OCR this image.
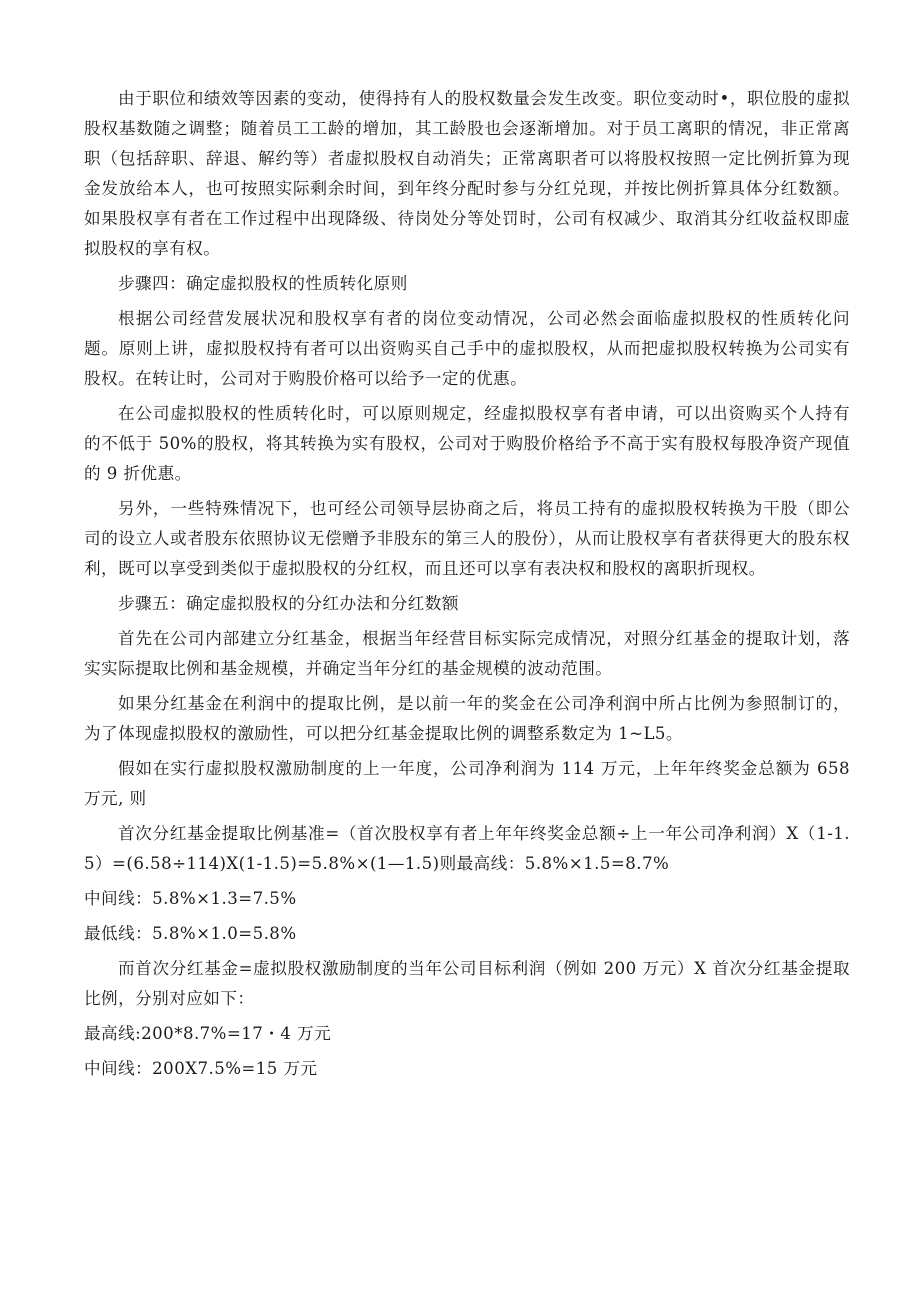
由于职位和绩效等因素的变动，使得持有人的股权数量会发生改变。职位变动时•，职位股的虚拟股权基数随之调整；随着员工工龄的增加，其工龄股也会逐渐增加。对于员工离职的情况，非正常离职（包括辞职、辞退、解约等）者虚拟股权自动消失；正常离职者可以将股权按照一定比例折算为现金发放给本人，也可按照实际剩余时间，到年终分配时参与分红兑现，并按比例折算具体分红数额。如果股权享有者在工作过程中出现降级、待岗处分等处罚时，公司有权减少、取消其分红收益权即虚拟股权的享有权。

步骤四：确定虚拟股权的性质转化原则

根据公司经营发展状况和股权享有者的岗位变动情况，公司必然会面临虚拟股权的性质转化问题。原则上讲，虚拟股权持有者可以出资购买自己手中的虚拟股权，从而把虚拟股权转换为公司实有股权。在转让时，公司对于购股价格可以给予一定的优惠。

在公司虚拟股权的性质转化时，可以原则规定，经虚拟股权享有者申请，可以出资购买个人持有的不低于 50%的股权，将其转换为实有股权，公司对于购股价格给予不高于实有股权每股净资产现值的 9 折优惠。

另外，一些特殊情况下，也可经公司领导层协商之后，将员工持有的虚拟股权转换为干股（即公司的设立人或者股东依照协议无偿赠予非股东的第三人的股份），从而让股权享有者获得更大的股东权利，既可以享受到类似于虚拟股权的分红权，而且还可以享有表决权和股权的离职折现权。

步骤五：确定虚拟股权的分红办法和分红数额

首先在公司内部建立分红基金，根据当年经营目标实际完成情况，对照分红基金的提取计划，落实实际提取比例和基金规模，并确定当年分红的基金规模的波动范围。

如果分红基金在利润中的提取比例，是以前一年的奖金在公司净利润中所占比例为参照制订的，为了体现虚拟股权的激励性，可以把分红基金提取比例的调整系数定为 1~L5。

假如在实行虚拟股权激励制度的上一年度，公司净利润为 114 万元，上年年终奖金总额为 658 万元, 则

首次分红基金提取比例基准=（首次股权享有者上年年终奖金总额÷上一年公司净利润）X（1-1.5）=(6.58÷114)X(1-1.5)=5.8%×(1—1.5)则最高线：5.8%×1.5=8.7%

中间线：5.8%×1.3=7.5%

最低线：5.8%×1.0=5.8%

而首次分红基金=虚拟股权激励制度的当年公司目标利润（例如 200 万元）X 首次分红基金提取比例，分别对应如下：

最高线:200*8.7%=17・4 万元

中间线：200X7.5%=15 万元
